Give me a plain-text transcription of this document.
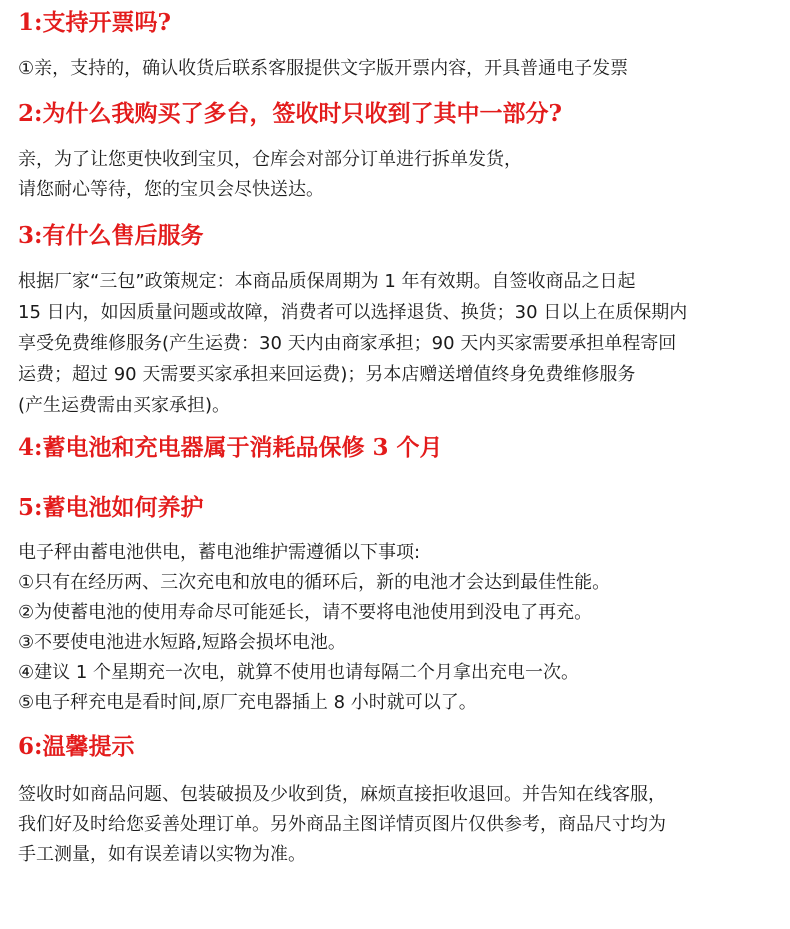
1:支持开票吗?
①亲，支持的，确认收货后联系客服提供文字版开票内容，开具普通电子发票
2:为什么我购买了多台，签收时只收到了其中一部分?
亲，为了让您更快收到宝贝，仓库会对部分订单进行拆单发货，
请您耐心等待，您的宝贝会尽快送达。
3:有什么售后服务
根据厂家“三包”政策规定：本商品质保周期为 1 年有效期。自签收商品之日起
15 日内，如因质量问题或故障，消费者可以选择退货、换货；30 日以上在质保期内
享受免费维修服务(产生运费：30 天内由商家承担；90 天内买家需要承担单程寄回
运费；超过 90 天需要买家承担来回运费)；另本店赠送增值终身免费维修服务
(产生运费需由买家承担)。
4:蓄电池和充电器属于消耗品保修 3 个月
5:蓄电池如何养护
电子秤由蓄电池供电，蓄电池维护需遵循以下事项:
①只有在经历两、三次充电和放电的循环后，新的电池才会达到最佳性能。
②为使蓄电池的使用寿命尽可能延长，请不要将电池使用到没电了再充。
③不要使电池进水短路,短路会损坏电池。
④建议 1 个星期充一次电，就算不使用也请每隔二个月拿出充电一次。
⑤电子秤充电是看时间,原厂充电器插上 8 小时就可以了。
6:温馨提示
签收时如商品问题、包装破损及少收到货，麻烦直接拒收退回。并告知在线客服，
我们好及时给您妥善处理订单。另外商品主图详情页图片仅供参考，商品尺寸均为
手工测量，如有误差请以实物为准。
